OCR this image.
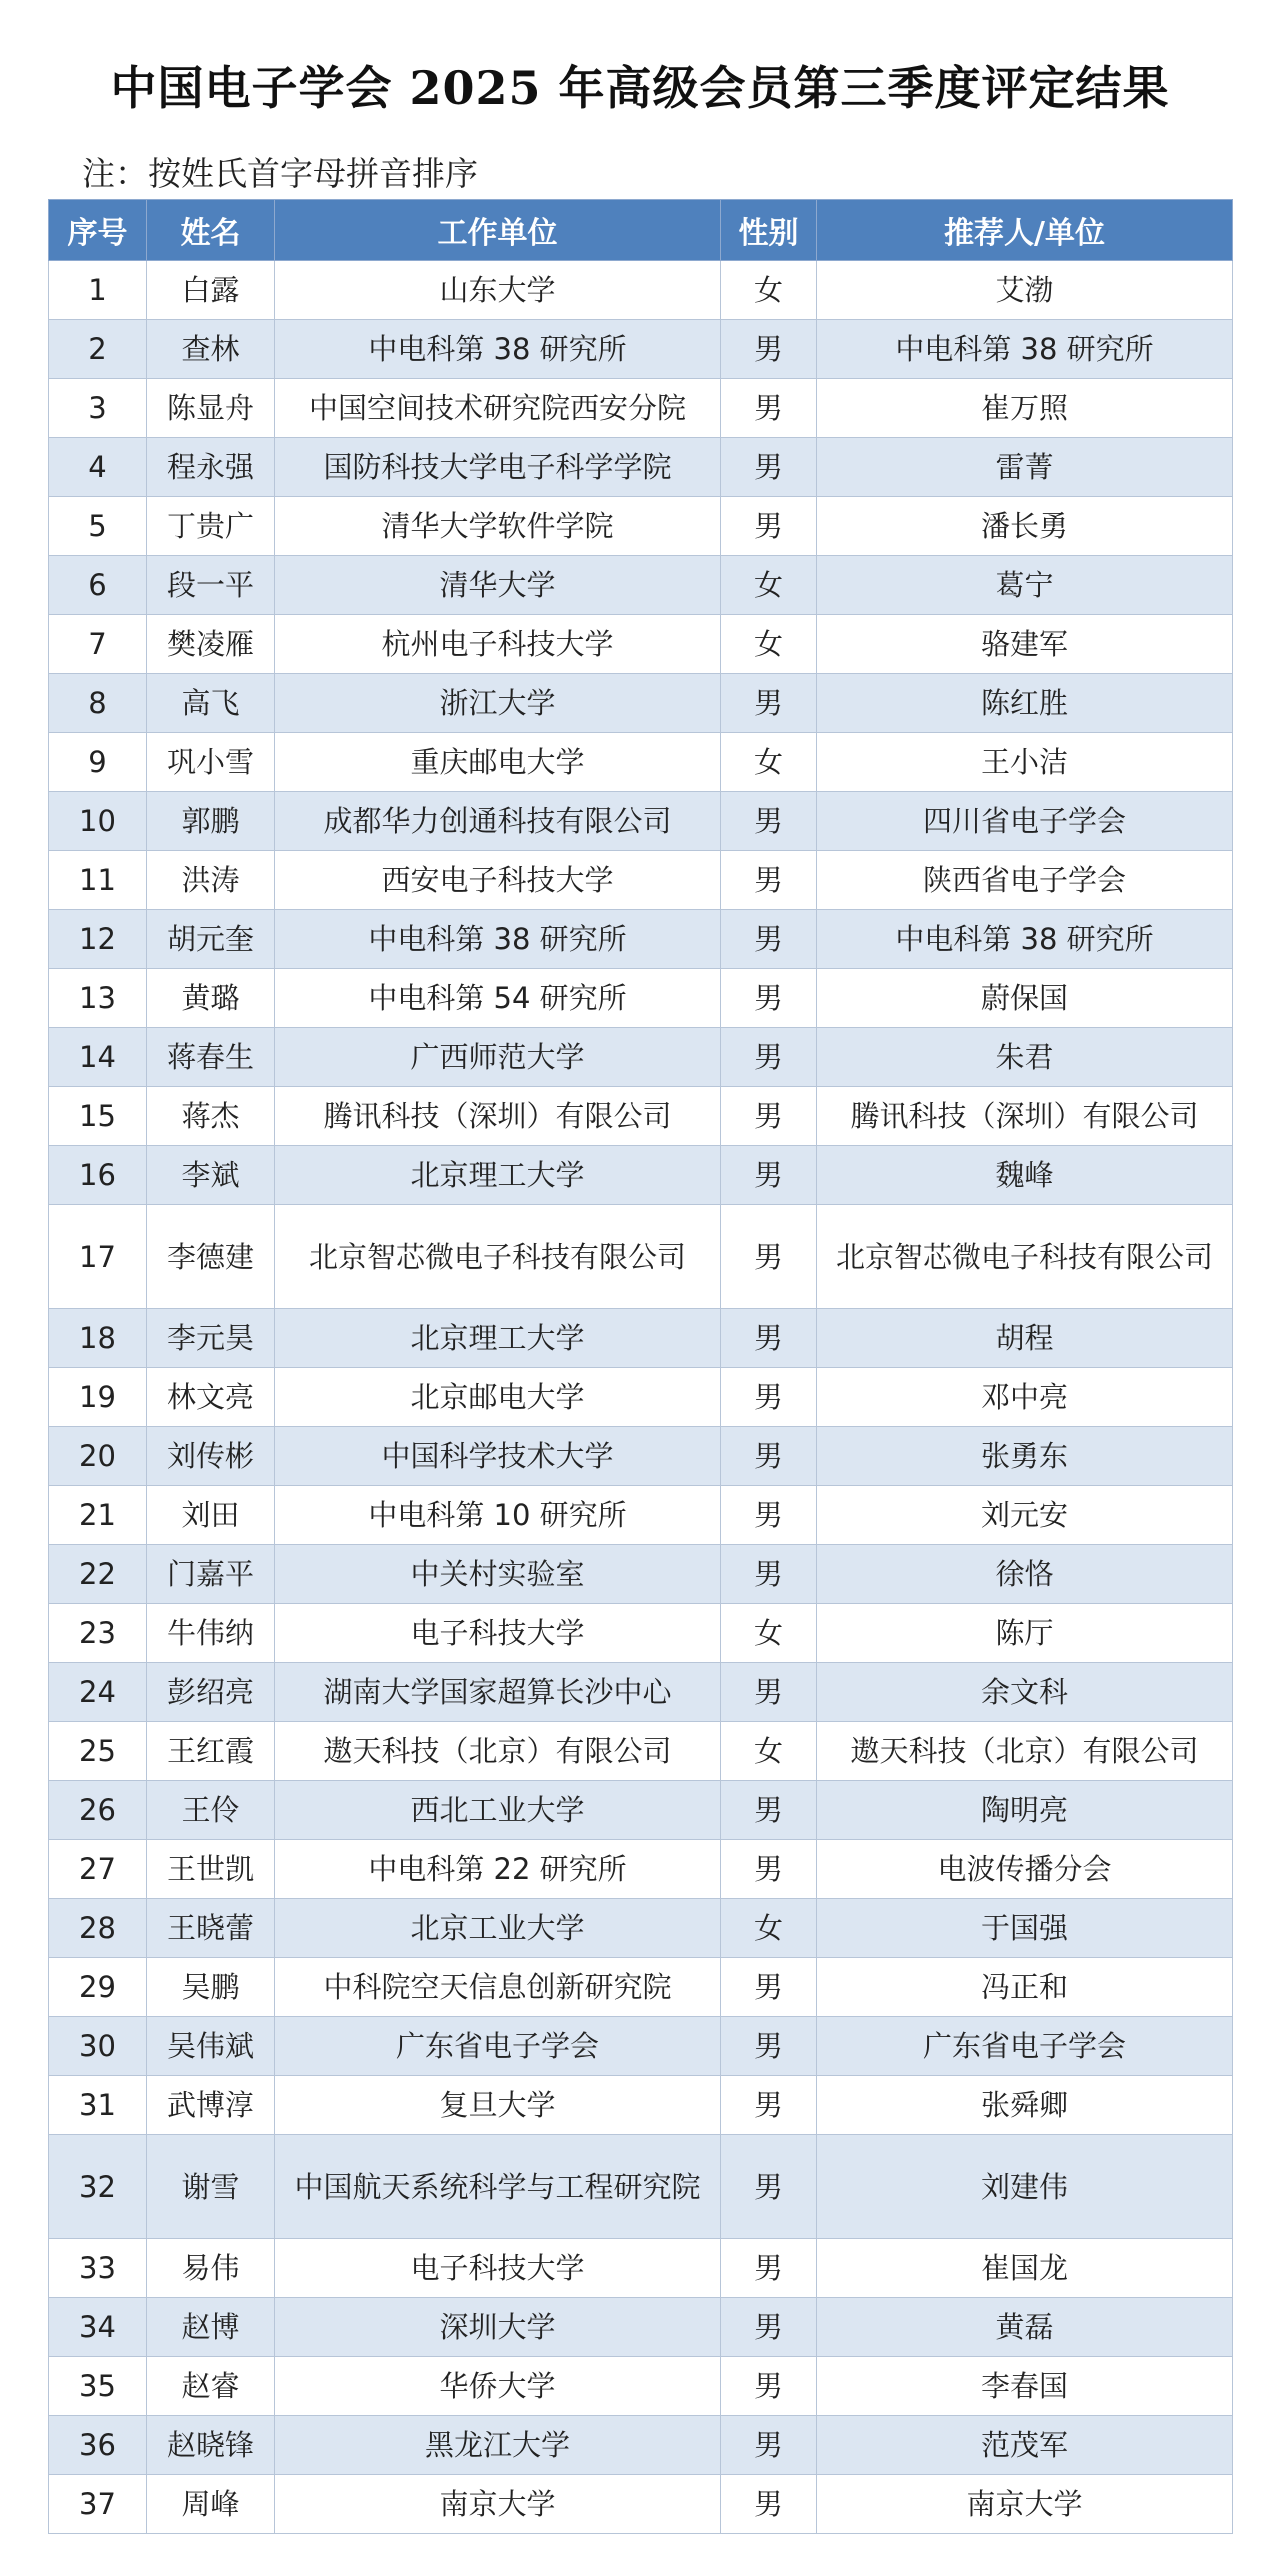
中国电子学会 2025 年高级会员第三季度评定结果
注：按姓氏首字母拼音排序
序号	姓名	工作单位	性别	推荐人/单位
1	白露	山东大学	女	艾渤
2	查林	中电科第 38 研究所	男	中电科第 38 研究所
3	陈显舟	中国空间技术研究院西安分院	男	崔万照
4	程永强	国防科技大学电子科学学院	男	雷菁
5	丁贵广	清华大学软件学院	男	潘长勇
6	段一平	清华大学	女	葛宁
7	樊凌雁	杭州电子科技大学	女	骆建军
8	高飞	浙江大学	男	陈红胜
9	巩小雪	重庆邮电大学	女	王小洁
10	郭鹏	成都华力创通科技有限公司	男	四川省电子学会
11	洪涛	西安电子科技大学	男	陕西省电子学会
12	胡元奎	中电科第 38 研究所	男	中电科第 38 研究所
13	黄璐	中电科第 54 研究所	男	蔚保国
14	蒋春生	广西师范大学	男	朱君
15	蒋杰	腾讯科技（深圳）有限公司	男	腾讯科技（深圳）有限公司
16	李斌	北京理工大学	男	魏峰
17	李德建	北京智芯微电子科技有限公司	男	北京智芯微电子科技有限公司
18	李元昊	北京理工大学	男	胡程
19	林文亮	北京邮电大学	男	邓中亮
20	刘传彬	中国科学技术大学	男	张勇东
21	刘田	中电科第 10 研究所	男	刘元安
22	门嘉平	中关村实验室	男	徐恪
23	牛伟纳	电子科技大学	女	陈厅
24	彭绍亮	湖南大学国家超算长沙中心	男	余文科
25	王红霞	遨天科技（北京）有限公司	女	遨天科技（北京）有限公司
26	王伶	西北工业大学	男	陶明亮
27	王世凯	中电科第 22 研究所	男	电波传播分会
28	王晓蕾	北京工业大学	女	于国强
29	吴鹏	中科院空天信息创新研究院	男	冯正和
30	吴伟斌	广东省电子学会	男	广东省电子学会
31	武博淳	复旦大学	男	张舜卿
32	谢雪	中国航天系统科学与工程研究院	男	刘建伟
33	易伟	电子科技大学	男	崔国龙
34	赵博	深圳大学	男	黄磊
35	赵睿	华侨大学	男	李春国
36	赵晓锋	黑龙江大学	男	范茂军
37	周峰	南京大学	男	南京大学
